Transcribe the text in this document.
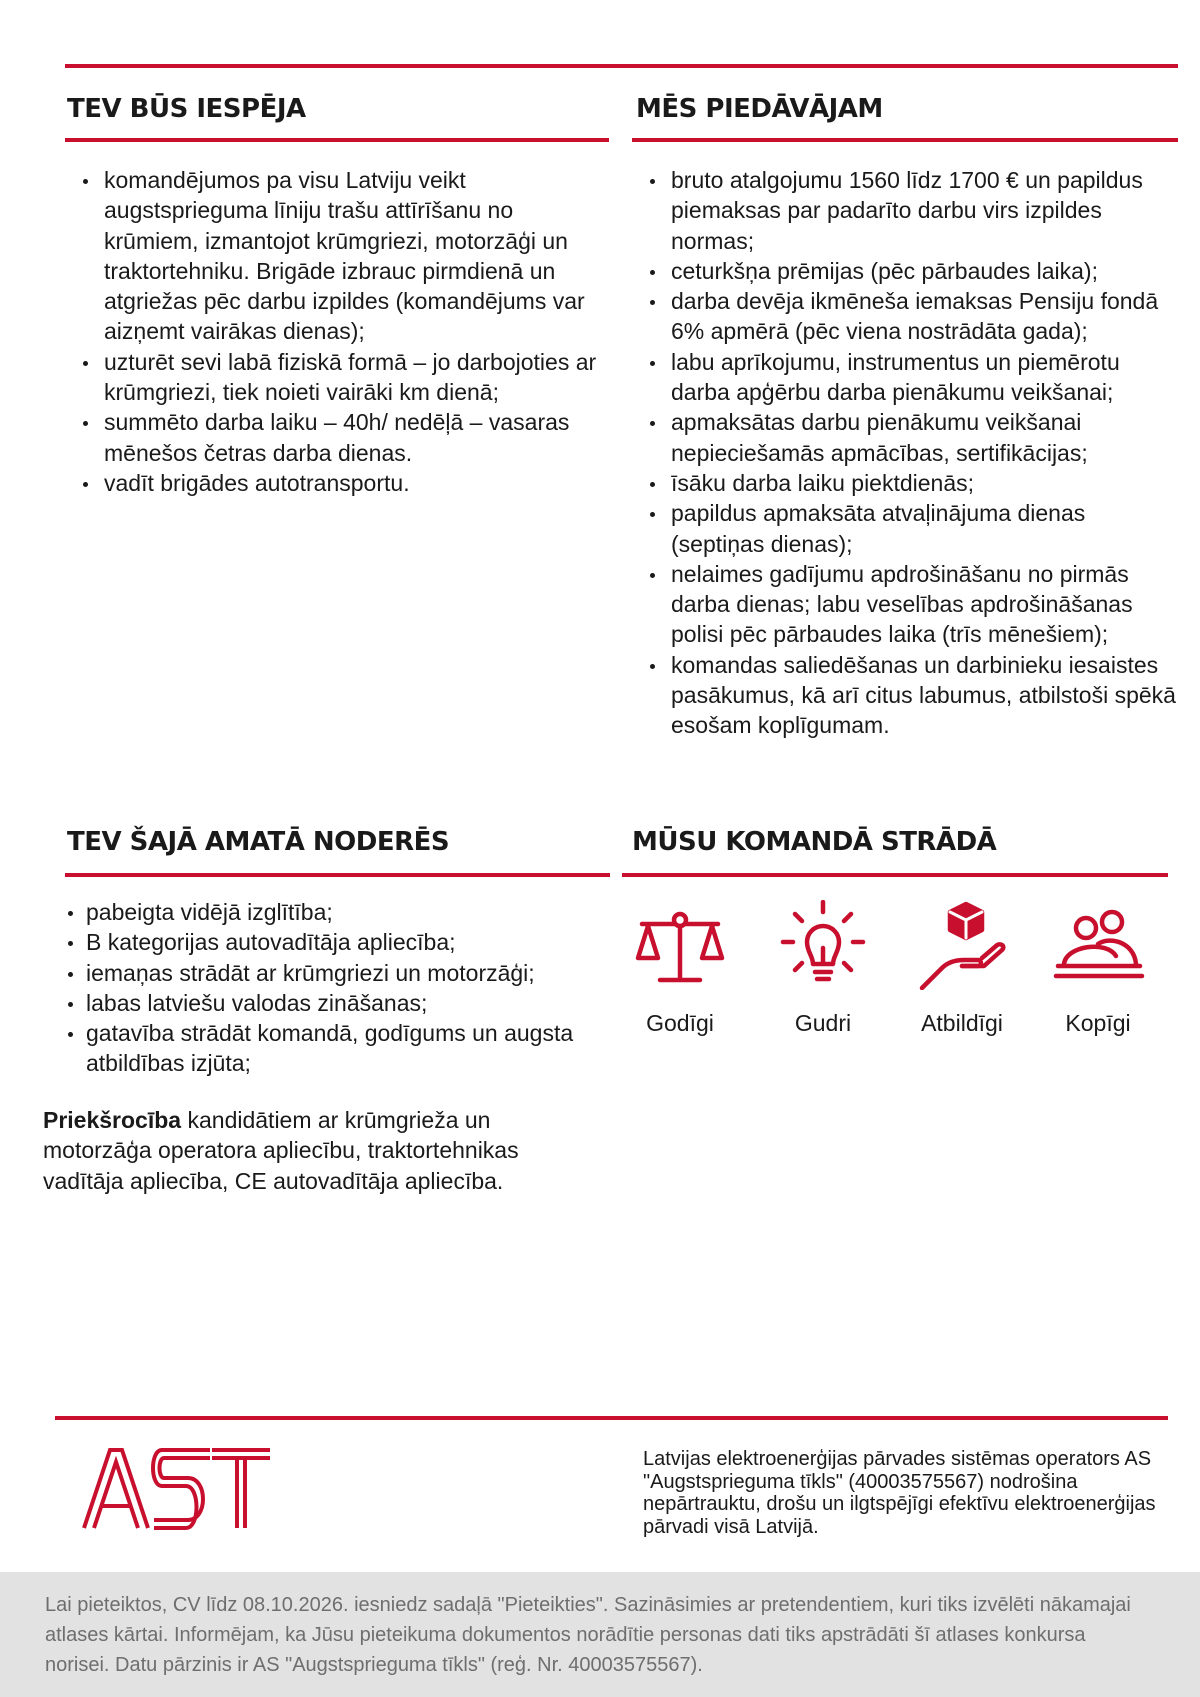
TEV BŪS IESPĒJA
komandējumos pa visu Latviju veikt augstsprieguma līniju trašu attīrīšanu no krūmiem, izmantojot krūmgriezi, motorzāģi un traktortehniku. Brigāde izbrauc pirmdienā un atgriežas pēc darbu izpildes (komandējums var aizņemt vairākas dienas);
uzturēt sevi labā fiziskā formā – jo darbojoties ar krūmgriezi, tiek noieti vairāki km dienā;
summēto darba laiku – 40h/ nedēļā – vasaras mēnešos četras darba dienas.
vadīt brigādes autotransportu.
MĒS PIEDĀVĀJAM
bruto atalgojumu 1560 līdz 1700 € un papildus piemaksas par padarīto darbu virs izpildes normas;
ceturkšņa prēmijas (pēc pārbaudes laika);
darba devēja ikmēneša iemaksas Pensiju fondā 6% apmērā (pēc viena nostrādāta gada);
labu aprīkojumu, instrumentus un piemērotu darba apģērbu darba pienākumu veikšanai;
apmaksātas darbu pienākumu veikšanai nepieciešamās apmācības, sertifikācijas;
īsāku darba laiku piektdienās;
papildus apmaksāta atvaļinājuma dienas (septiņas dienas);
nelaimes gadījumu apdrošināšanu no pirmās darba dienas; labu veselības apdrošināšanas polisi pēc pārbaudes laika (trīs mēnešiem);
komandas saliedēšanas un darbinieku iesaistes pasākumus, kā arī citus labumus, atbilstoši spēkā esošam koplīgumam.
TEV ŠAJĀ AMATĀ NODERĒS
pabeigta vidējā izglītība;
B kategorijas autovadītāja apliecība;
iemaņas strādāt ar krūmgriezi un motorzāģi;
labas latviešu valodas zināšanas;
gatavība strādāt komandā, godīgums un augsta atbildības izjūta;

Priekšrocība kandidātiem ar krūmgrieža un motorzāģa operatora apliecību, traktortehnikas vadītāja apliecība, CE autovadītāja apliecība.

MŪSU KOMANDĀ STRĀDĀ
Godīgi	Gudri	Atbildīgi	Kopīgi

Latvijas elektroenerģijas pārvades sistēmas operators AS "Augstsprieguma tīkls" (40003575567) nodrošina nepārtrauktu, drošu un ilgtspējīgi efektīvu elektroenerģijas pārvadi visā Latvijā.

Lai pieteiktos, CV līdz 08.10.2026. iesniedz sadaļā "Pieteikties". Sazināsimies ar pretendentiem, kuri tiks izvēlēti nākamajai atlases kārtai. Informējam, ka Jūsu pieteikuma dokumentos norādītie personas dati tiks apstrādāti šī atlases konkursa norisei. Datu pārzinis ir AS "Augstsprieguma tīkls" (reģ. Nr. 40003575567).
